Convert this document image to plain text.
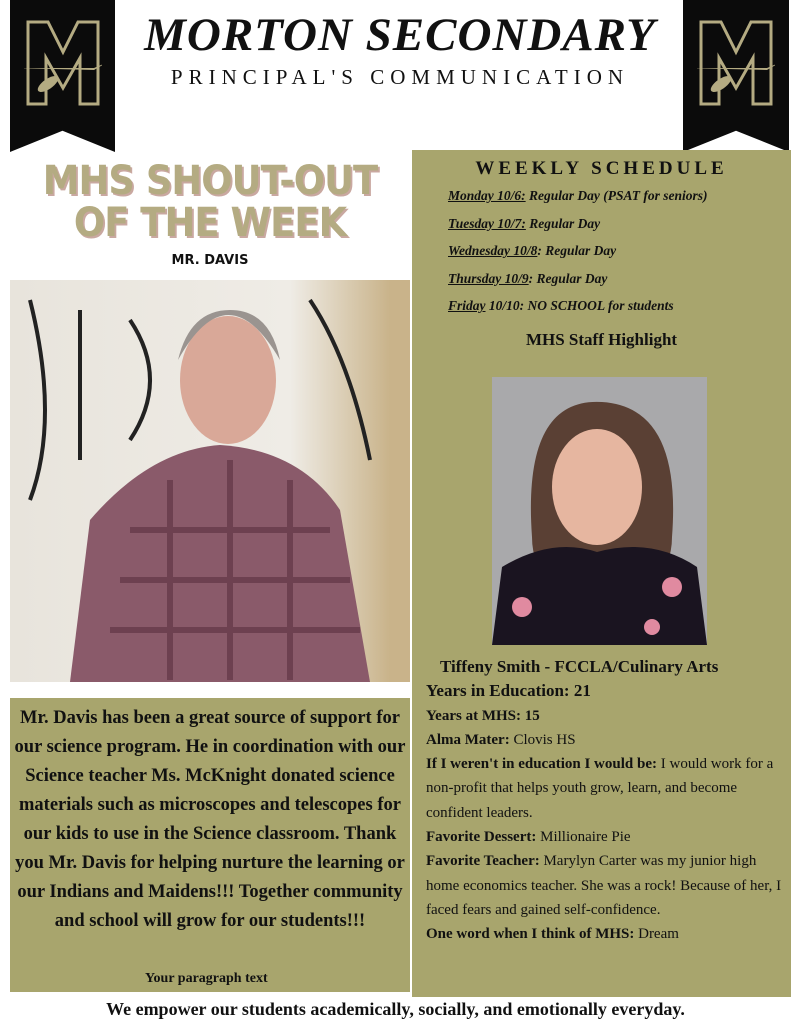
MORTON SECONDARY
PRINCIPAL'S COMMUNICATION
MHS SHOUT-OUT
OF THE WEEK
MR. DAVIS
Mr. Davis has been a great source of support for our science program. He in coordination with our Science teacher Ms. McKnight donated science materials such as microscopes and telescopes for our kids to use in the Science classroom. Thank you Mr. Davis for helping nurture the learning or our Indians and Maidens!!! Together community and school will grow for our students!!!
WEEKLY SCHEDULE
Monday 10/6: Regular Day (PSAT for seniors)
Tuesday 10/7: Regular Day
Wednesday 10/8: Regular Day
Thursday 10/9: Regular Day
Friday 10/10: NO SCHOOL for students
MHS Staff Highlight
Tiffeny Smith - FCCLA/Culinary Arts
Years in Education: 21
Years at MHS: 15
Alma Mater: Clovis HS
If I weren't in education I would be: I would work for a non-profit that helps youth grow, learn, and become confident leaders.
Favorite Dessert: Millionaire Pie
Favorite Teacher: Marylyn Carter was my junior high home economics teacher. She was a rock! Because of her, I faced fears and gained self-confidence.
One word when I think of MHS: Dream
Your paragraph text
We empower our students academically, socially, and emotionally everyday.
